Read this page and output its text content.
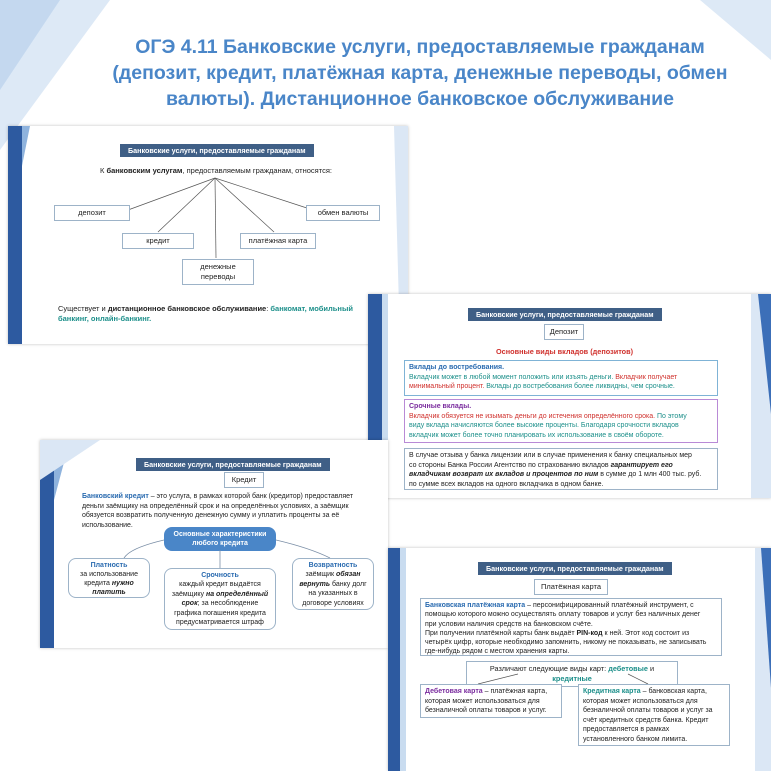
ОГЭ 4.11 Банковские услуги, предоставляемые гражданам
(депозит, кредит, платёжная карта, денежные переводы, обмен
валюты). Дистанционное банковское обслуживание
Банковские услуги, предоставляемые гражданам
К банковским услугам, предоставляемым гражданам, относятся:
депозит	обмен валюты
кредит	платёжная карта
денежные
переводы
Существует и дистанционное банковское обслуживание: банкомат, мобильный
банкинг, онлайн-банкинг.	Банковские услуги, предоставляемые гражданам
Депозит
Основные виды вкладов (депозитов)
Вклады до востребования.
Вкладчик может в любой момент положить или изъять деньги. Вкладчик получает
минимальный процент. Вклады до востребования более ликвидны, чем срочные.
Срочные вклады.
Вкладчик обязуется не изымать деньги до истечения определённого срока. По этому
виду вклада начисляются более высокие проценты. Благодаря срочности вкладов
вкладчик может более точно планировать их использование в своём обороте.
В случае отзыва у банка лицензии или в случае применения к банку специальных мер
со стороны Банка России Агентство по страхованию вкладов гарантирует его
вкладчикам возврат их вкладов и процентов по ним в сумме до 1 млн 400 тыс. руб.
по сумме всех вкладов на одного вкладчика в одном банке.
Банковские услуги, предоставляемые гражданам
Кредит
Банковский кредит – это услуга, в рамках которой банк (кредитор) предоставляет
деньги заёмщику на определённый срок и на определённых условиях, а заёмщик
обязуется возвратить полученную денежную сумму и уплатить проценты за её
использование.
Основные характеристики
любого кредита
Платность
за использование
кредита нужно
платить
Срочность
каждый кредит выдаётся
заёмщику на определённый
срок; за несоблюдение
графика погашения кредита
предусматривается штраф
Возвратность
заёмщик обязан
вернуть банку долг
на указанных в
договоре условиях
Банковские услуги, предоставляемые гражданам
Платёжная карта
Банковская платёжная карта – персонифицированный платёжный инструмент, с
помощью которого можно осуществлять оплату товаров и услуг без наличных денег
при условии наличия средств на банковском счёте.
При получении платёжной карты банк выдаёт PIN-код к ней. Этот код состоит из
четырёх цифр, которые необходимо запомнить, никому не показывать, не записывать
где-нибудь рядом с местом хранения карты.
Различают следующие виды карт: дебетовые и кредитные
Дебетовая карта – платёжная карта,
которая может использоваться для
безналичной оплаты товаров и услуг.
Кредитная карта – банковская карта,
которая может использоваться для
безналичной оплаты товаров и услуг за
счёт кредитных средств банка. Кредит
предоставляется в рамках
установленного банком лимита.
